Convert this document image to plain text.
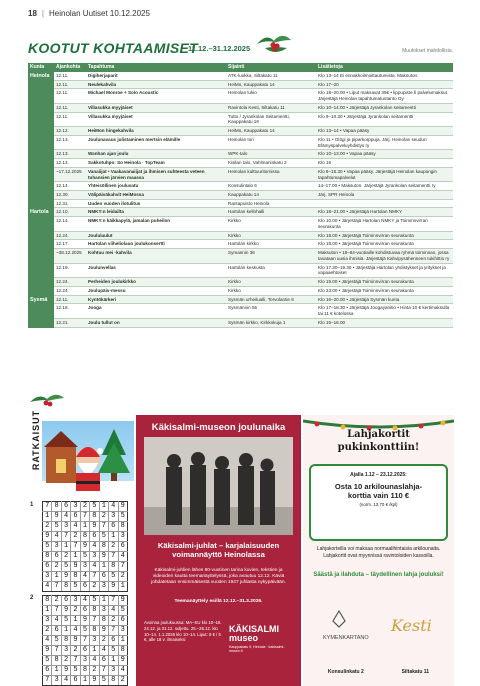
18 | Heinolan Uutiset 10.12.2025
KOOTUT KOHTAAMISET
11.12.–31.12.2025	Muutokset mahdollisia.
Kunta	Ajankohta	Tapahtuma	Sijainti	Lisätietoja
Heinola	12.11.	Digiherjaparit	ATK-luokka, Siltakatu 11	Klo 13–14 Ei ennakkoilmoittautumista. Maksuton.
	12.11.	Neulekahvila	HeiMo, Kauppakatu 14	Klo 17–20
	12.11.	Michael Monroe + Solo Acoustic	Heinolan lukio	Klo 18–20.00 • Liput maksavat 35€ • lippupiste.fi palvelumaksut. Järjestäjä Heinolan tapahtumatuotanto Oy
	12.11.	Villasukka myyjäiset	Ravintola Kesti, Siltakatu 11	Klo 10–14.00 • Järjestäjä Jyrankolan seitamentti
	12.11.	Villasukka myyjäiset	Tutto / Jyrankolan Seitamentti, Kauppakatu 16	Klo 9–10.30 • Järjestäjä Jyrankolan seitamentti
	12.12.	HeiMon hingekahvila	HeiMo, Kauppakatu 14	Klo 13–14 • Vapaa pääsy
	12.13.	Joulunavaus julistaminen mertsin elämille	Heinolan tori	Klo 11 • Glögi ja piparkorppuja. Järj. Heinolan seudun Elämyspalveluyhdistys ry
	12.13.	Wanhan ajan joulu	WPK-talo	Klo 10–13.00 • Vapaa pääsy
	12.13.	Sakkotuhpo: So Heinola · TopTeam	Kisilan talo, Vahlmaninkatu 2	Klo 16
	~17.12.2025	Vanaiijat • Vaakavanaiijat ja ihmisen suhteesta veteen tuhansien järvien maassa	Heinolan kulttuuritornissa	Klo 8–15.30 • Vapaa pääsy. Järjestäjä Heinolan kaupungin tapahtumapalvelut
	12.14.	Yhteisöllinen joulusatu	Konsulintalo 6	14–17.00 • Maksuton. Järjestäjä Jyrankolan seitamentti ry
	12.30.	Välipäiväkahvit HeiMossa	Kauppakatu 14	Järj. SPR Heinola
	12.31.	Uuden vuoden ilotulitus	Rantapuisto Heinola	
Hartola	12.10.	NMKY:n leidailta	Hartolan kellohalli	Klo 18–21.00 • Järjestäjä Hartolan NMKY
	12.14.	NMKY:n käikkapylä, jamalan puheilon	Kirkko	Klo 10.00 • Järjestäjä Hartolan NMKY ja Toiminnvirran seurakunta
	12.24.	Joululaulut	Kirkko	Klo 18.00 • Järjestäjä Toiminnvirran seurakunta
	12.17.	Hartolan viiheliolauo joulukonsertti	Hartolan kirkko	Klo 18.00 • Järjestäjä Toiminnvirran seurakunta
	~38.12.2025	Kohtuu mei -kahvila	Symannin 36	Maksuton • 18–64-vuotiaille kohdistuvaa ryhmä toiminnan, jossa tavataan uusia ihmisiä. Järjestäjä Kahvipysähenneen tukihittio ry
	12.19.	Joulunvellas	Hartolan keskusta	Klo 17.30–19.30 • Järjestäjä Hartolan yhdistykset ja yritykset ja vapaaehtoiset
	12.24.	Perheiden joulukirkko	Kirkko	Klo 15.00 • Järjestäjä Toiminnvirran seurakunta
	12.24.	Joulupäiv-messu	Kirkko	Klo 23.00 • Järjestäjä Toiminnvirran seurakunta
Sysmä	12.11.	Kyntökärkeri	Sysmän urheilualli, Torvolantie 8	Klo 16–20.00 • Järjestäjä Sysmän kunta
	12.18.	Jooga	Sysmännin 55	Klo 17–18.30 • Järjestäjä Joogayanitio • Hinta 10 € kertimaksulla tai 11 € kotelossa
	12.21.	Joulu tullut on	Sysmän kirkko, Kirkkokuja 1	Klo 15–16.00
RATKAISUT
1 7	8	6	3	2	5	1	4	9
1	9	4	6	7	8	2	3	5
2	5	3	4	1	9	7	6	8
9	4	7	2	8	6	5	1	3
5	3	1	7	9	4	8	2	6
8	6	2	1	5	3	9	7	4
6	2	5	9	3	4	1	8	7
3	1	9	8	4	7	6	5	2
4	7	8	5	6	2	3	9	1
2 8	2	6	3	4	5	1	7	9
1	7	9	2	6	8	3	4	5
3	4	5	1	9	7	8	2	6
2	6	1	4	5	8	9	7	3
4	5	8	9	7	3	2	6	1
9	7	3	2	6	1	4	5	8
5	8	2	7	3	4	6	1	9
6	1	9	5	8	2	7	3	4
7	3	4	6	1	9	5	8	2
Käkisalmi-museon joulunaika
Käkisalmi-juhlat – karjalaisuuden voimannäyttö Heinolassa
Käkisalmi-juhlien lähes 80-vuotinen tarina kuvien, tekstien ja videoiden kautta teemanäyttelyssä, joka avautuu 12.12. Käviä johdatetaan ensimmäisestä vuoden 1947 juhlasta nykypäivään.
Teemanäyttely esillä 12.12.–31.3.2026.
Avoinna joulukuussa: MA–SU klo 10–16. 24.12. ja 31.12. suljettu. 25.–26.12. klo 10–14. 1.1.2026 klo 10–14. Liput: 8 € / 5 €, alle 18 v. ilmaiseksi
KÄKISALMI museo
Kauppakatu 9, Heinola · kakisalmi-museo.fi
Lahjakortit
pukinkonttiin!
Ajalla 1.12 – 23.12.2025:
Osta 10 arkilounaslahja-
korttia vain 110 €
(norm. 13,70 € /kpl)
Lahjakorteilla voi maksaa normaalihintaisia arkilounaita. Lahjakortit ovat myynnissä ravintoloiden kassoilla.
Säästä ja ilahduta – täydellinen lahja jouluksi!
KYMENKARTANO
Kesti
Konsulinkatu 2	Siltakatu 11
